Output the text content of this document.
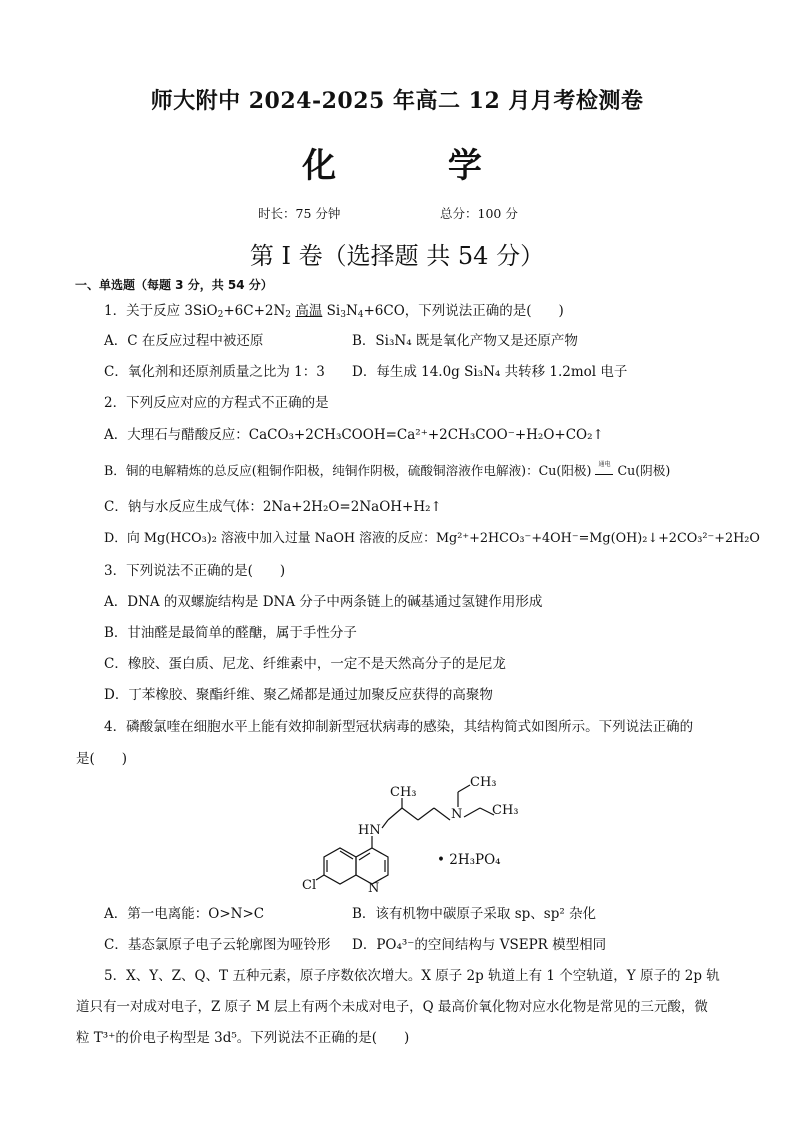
师大附中 2024-2025 年高二 12 月月考检测卷
化 学
时长：75 分钟	总分：100 分
第 I 卷（选择题 共 54 分）
一、单选题（每题 3 分，共 54 分）
1．关于反应 $3SiO_2+6C+2N_2$ 高温 $Si_3N_4+6CO$，下列说法正确的是(　　)
A．C 在反应过程中被还原	B．Si₃N₄ 既是氧化产物又是还原产物
C．氧化剂和还原剂质量之比为 1：3 D．每生成 14.0g Si₃N₄ 共转移 1.2mol 电子
2．下列反应对应的方程式不正确的是
A．大理石与醋酸反应：CaCO₃+2CH₃COOH=Ca²⁺+2CH₃COO⁻+H₂O+CO₂↑
B．铜的电解精炼的总反应(粗铜作阳极，纯铜作阴极，硫酸铜溶液作电解液)：Cu(阳极)	通电 Cu(阴极)
C．钠与水反应生成气体：2Na+2H₂O=2NaOH+H₂↑
D．向 Mg(HCO₃)₂ 溶液中加入过量 NaOH 溶液的反应：Mg²⁺+2HCO₃⁻+4OH⁻=Mg(OH)₂↓+2CO₃²⁻+2H₂O
3．下列说法不正确的是(　　)
A．DNA 的双螺旋结构是 DNA 分子中两条链上的碱基通过氢键作用形成
B．甘油醛是最简单的醛醣，属于手性分子
C．橡胶、蛋白质、尼龙、纤维素中，一定不是天然高分子的是尼龙
D．丁苯橡胶、聚酯纤维、聚乙烯都是通过加聚反应获得的高聚物
4．磷酸氯喹在细胞水平上能有效抑制新型冠状病毒的感染，其结构简式如图所示。下列说法正确的
是(　　)
CH₃
CH₃
CH₃
N
HN
N
Cl
• 2H₃PO₄
A．第一电离能：O>N>C	B．该有机物中碳原子采取 sp、sp² 杂化
C．基态氯原子电子云轮廓图为哑铃形 D．PO₄³⁻的空间结构与 VSEPR 模型相同
5．X、Y、Z、Q、T 五种元素，原子序数依次增大。X 原子 2p 轨道上有 1 个空轨道，Y 原子的 2p 轨
道只有一对成对电子，Z 原子 M 层上有两个未成对电子，Q 最高价氧化物对应水化物是常见的三元酸，微
粒 T³⁺的价电子构型是 3d⁵。下列说法不正确的是(　　)
